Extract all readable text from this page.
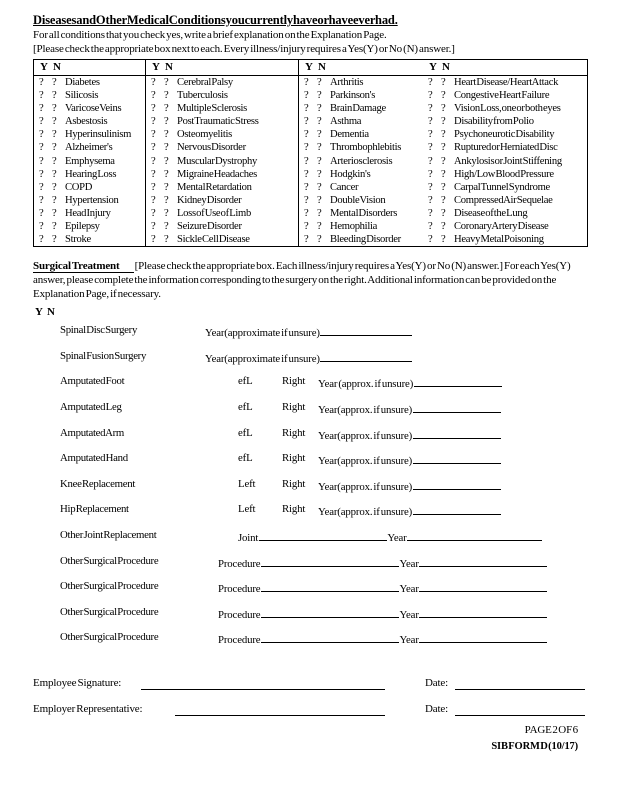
Diseases and Other Medical Conditions you currently have or have ever had.
For all conditions that you check yes, write a brief explanation on the Explanation Page.
[Please check the appropriate box next to each. Every illness/injury requires a Yes(Y) or No (N) answer.]
Y N
? ? Diabetes
? ? Silicosis
? ? Varicose Veins
? ? Asbestosis
? ? Hyperinsulinism
? ? Alzheimer's
? ? Emphysema
? ? Hearing Loss
? ? COPD
? ? Hypertension
? ? Head Injury
? ? Epilepsy
? ? Stroke
Y N
? ? Cerebral Palsy
? ? Tuberculosis
? ? Multiple Sclerosis
? ? Post Traumatic Stress
? ? Osteomyelitis
? ? Nervous Disorder
? ? Muscular Dystrophy
? ? Migraine Headaches
? ? Mental Retardation
? ? Kidney Disorder
? ? Loss of Use of Limb
? ? Seizure Disorder
? ? Sickle Cell Disease
Y N
? ? Arthritis
? ? Parkinson's
? ? Brain Damage
? ? Asthma
? ? Dementia
? ? Thrombophlebitis
? ? Arteriosclerosis
? ? Hodgkin's
? ? Cancer
? ? Double Vision
? ? Mental Disorders
? ? Hemophilia
? ? Bleeding Disorder
Y N
? ? Heart Disease/Heart Attack
? ? Congestive Heart Failure
? ? Vision Loss, one or both eyes
? ? Disability from Polio
? ? Psychoneurotic Disability
? ? Ruptured or Herniated Disc
? ? Ankylosis or Joint Stiffening
? ? High/Low Blood Pressure
? ? Carpal Tunnel Syndrome
? ? Compressed Air Sequelae
? ? Disease of the Lung
? ? Coronary Artery Disease
? ? Heavy Metal Poisoning
Surgical Treatment [Please check the appropriate box. Each illness/injury requires a Yes(Y) or No (N) answer.] For each Yes(Y) answer, please complete the information corresponding to the surgery on the right. Additional information can be provided on the Explanation Page, if necessary.
Y N
Spinal Disc Surgery	Year(approximate if unsure)
Spinal Fusion Surgery	Year(approximate if unsure)
Amputated Foot	efL	Right Year (approx. if unsure)
Amputated Leg	efL	Right Year(approx. if unsure)
Amputated Arm	efL	Right Year(approx. if unsure)
Amputated Hand	efL	Right Year(approx. if unsure)
Knee Replacement	Left Right Year(approx. if unsure)
Hip Replacement	Left Right Year(approx. if unsure)
Other Joint Replacement	Joint	Year
Other Surgical Procedure	Procedure	Year
Other Surgical Procedure	Procedure	Year
Other Surgical Procedure	Procedure	Year
Other Surgical Procedure	Procedure	Year
Employee Signature:	Date:
Employer Representative:	Date:
PAGE 2 OF 6
SIB FORM D (10/17)
